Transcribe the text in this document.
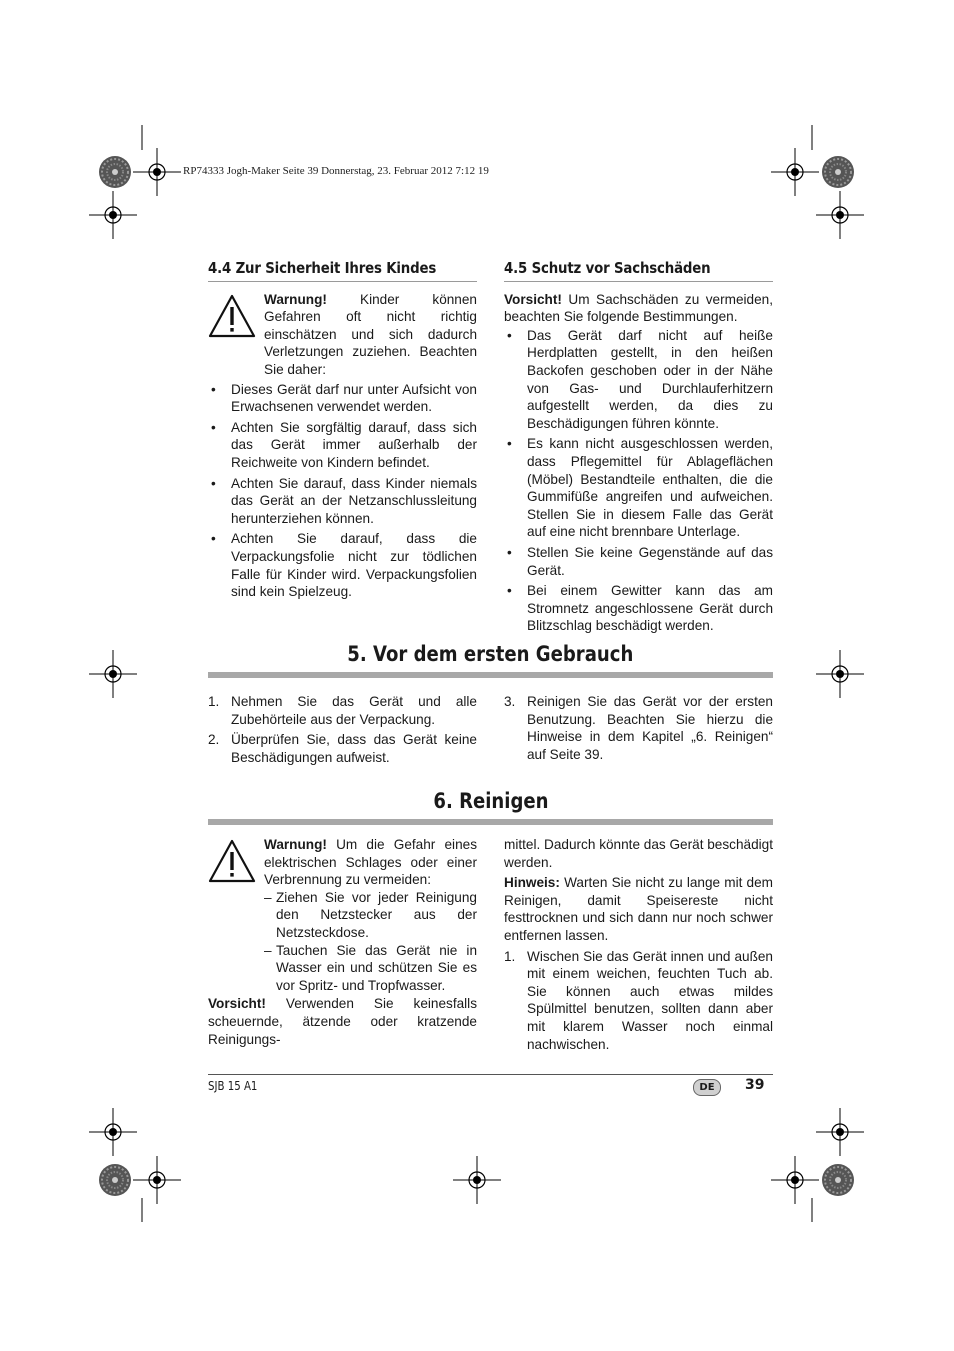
RP74333 Jogh-Maker Seite 39 Donnerstag, 23. Februar 2012 7:12 19
4.4 Zur Sicherheit Ihres Kindes

Warnung! Kinder können Gefahren oft nicht richtig einschätzen und sich dadurch Verletzungen zuziehen. Beachten Sie daher:

• Dieses Gerät darf nur unter Aufsicht von Erwachsenen verwendet werden.
• Achten Sie sorgfältig darauf, dass sich das Gerät immer außerhalb der Reichweite von Kindern befindet.
• Achten Sie darauf, dass Kinder niemals das Gerät an der Netzanschlussleitung herunterziehen können.
• Achten Sie darauf, dass die Verpackungsfolie nicht zur tödlichen Falle für Kinder wird. Verpackungsfolien sind kein Spielzeug.
4.5 Schutz vor Sachschäden

Vorsicht! Um Sachschäden zu vermeiden, beachten Sie folgende Bestimmungen.

• Das Gerät darf nicht auf heiße Herdplatten gestellt, in den heißen Backofen geschoben oder in der Nähe von Gas- und Durchlauferhitzern aufgestellt werden, da dies zu Beschädigungen führen könnte.
• Es kann nicht ausgeschlossen werden, dass Pflegemittel für Ablageflächen (Möbel) Bestandteile enthalten, die die Gummifüße angreifen und aufweichen. Stellen Sie in diesem Falle das Gerät auf eine nicht brennbare Unterlage.
• Stellen Sie keine Gegenstände auf das Gerät.
• Bei einem Gewitter kann das am Stromnetz angeschlossene Gerät durch Blitzschlag beschädigt werden.
5. Vor dem ersten Gebrauch
1. Nehmen Sie das Gerät und alle Zubehörteile aus der Verpackung.
2. Überprüfen Sie, dass das Gerät keine Beschädigungen aufweist.
3. Reinigen Sie das Gerät vor der ersten Benutzung. Beachten Sie hierzu die Hinweise in dem Kapitel „6. Reinigen“ auf Seite 39.
6. Reinigen

Warnung! Um die Gefahr eines elektrischen Schlages oder einer Verbrennung zu vermeiden:

– Ziehen Sie vor jeder Reinigung den Netzstecker aus der Netzsteckdose.
– Tauchen Sie das Gerät nie in Wasser ein und schützen Sie es vor Spritz- und Tropfwasser.

Vorsicht! Verwenden Sie keinesfalls scheuernde, ätzende oder kratzende Reinigungs-

mittel. Dadurch könnte das Gerät beschädigt werden.

Hinweis: Warten Sie nicht zu lange mit dem Reinigen, damit Speisereste nicht festtrocknen und sich dann nur noch schwer entfernen lassen.

1. Wischen Sie das Gerät innen und außen mit einem weichen, feuchten Tuch ab. Sie können auch etwas mildes Spülmittel benutzen, sollten dann aber mit klarem Wasser noch einmal nachwischen.
SJB 15 A1	DE	39
